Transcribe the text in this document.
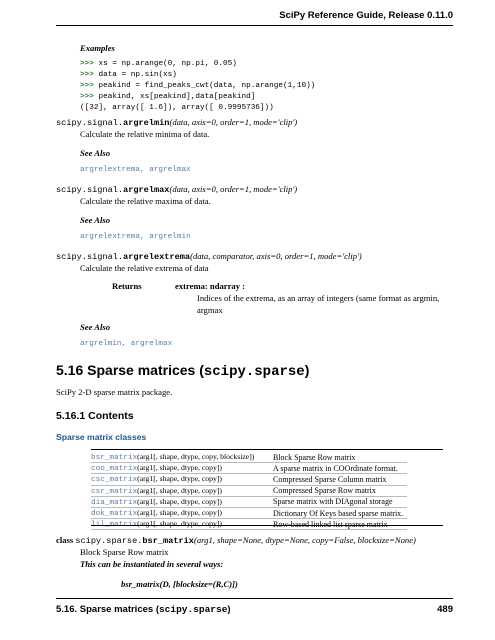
SciPy Reference Guide, Release 0.11.0
Examples
>>> xs = np.arange(0, np.pi, 0.05)
>>> data = np.sin(xs)
>>> peakind = find_peaks_cwt(data, np.arange(1,10))
>>> peakind, xs[peakind],data[peakind]
([32], array([ 1.6]), array([ 0.9995736]))
scipy.signal.argrelmin(data, axis=0, order=1, mode='clip')
Calculate the relative minima of data.
See Also
argrelextrema, argrelmax
scipy.signal.argrelmax(data, axis=0, order=1, mode='clip')
Calculate the relative maxima of data.
See Also
argrelextrema, argrelmin
scipy.signal.argrelextrema(data, comparator, axis=0, order=1, mode='clip')
Calculate the relative extrema of data
Returns	extrema: ndarray :
Indices of the extrema, as an array of integers (same format as argmin,
argmax
See Also
argrelmin, argrelmax
5.16 Sparse matrices (scipy.sparse)
SciPy 2-D sparse matrix package.
5.16.1 Contents
Sparse matrix classes
bsr_matrix(arg1[, shape, dtype, copy, blocksize])	Block Sparse Row matrix
coo_matrix(arg1[, shape, dtype, copy])	A sparse matrix in COOrdinate format.
csc_matrix(arg1[, shape, dtype, copy])	Compressed Sparse Column matrix
csr_matrix(arg1[, shape, dtype, copy])	Compressed Sparse Row matrix
dia_matrix(arg1[, shape, dtype, copy])	Sparse matrix with DIAgonal storage
dok_matrix(arg1[, shape, dtype, copy])	Dictionary Of Keys based sparse matrix.
lil_matrix(arg1[, shape, dtype, copy])	Row-based linked list sparse matrix
class scipy.sparse.bsr_matrix(arg1, shape=None, dtype=None, copy=False, blocksize=None)
Block Sparse Row matrix
This can be instantiated in several ways:
bsr_matrix(D, [blocksize=(R,C)])
5.16. Sparse matrices (scipy.sparse)	489
